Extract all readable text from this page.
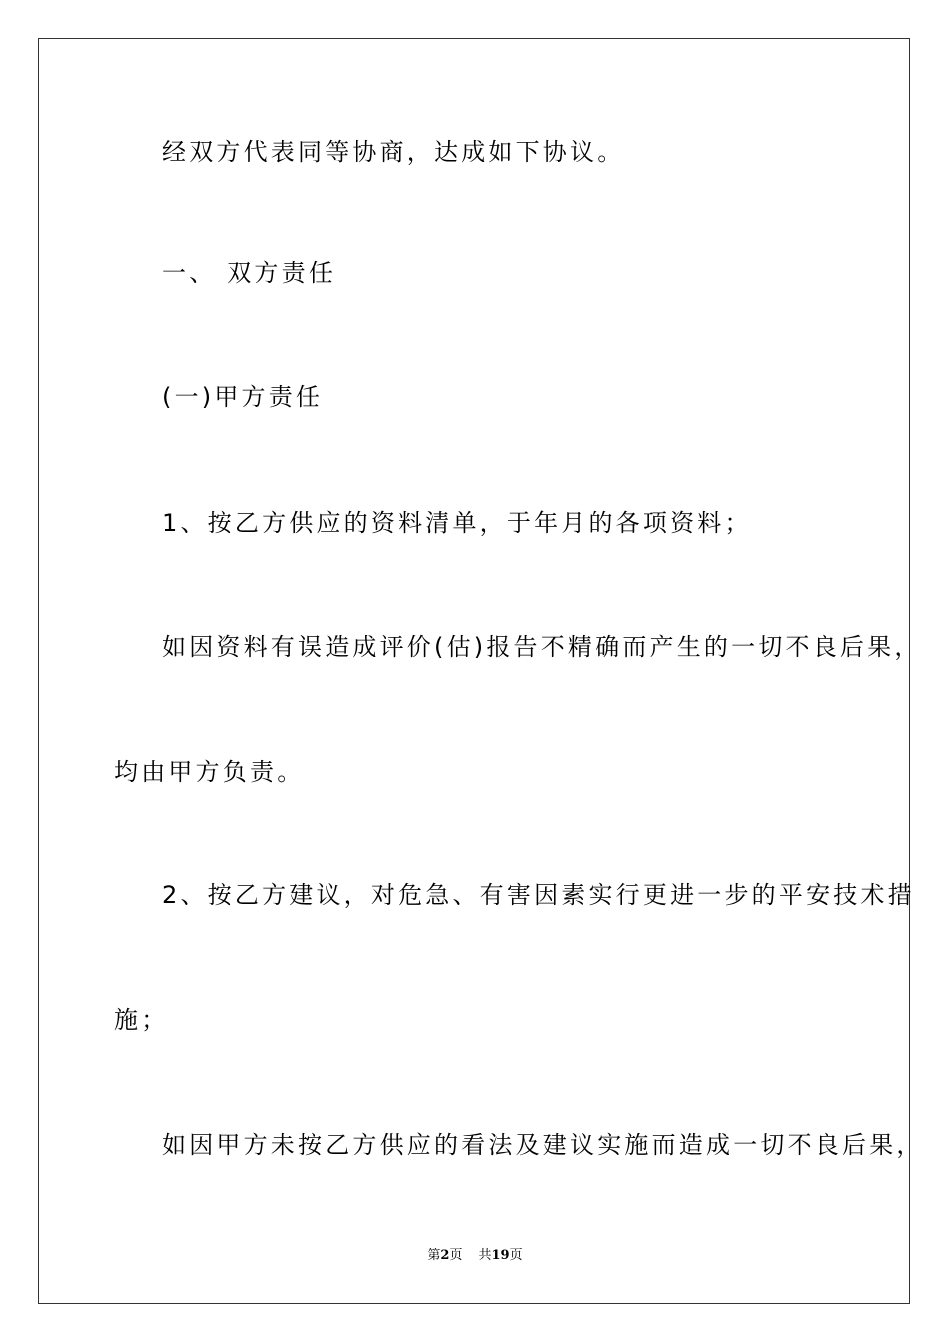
经双方代表同等协商，达成如下协议。
一、 双方责任
(一)甲方责任
1、按乙方供应的资料清单，于年月的各项资料；
如因资料有误造成评价(估)报告不精确而产生的一切不良后果，
均由甲方负责。
2、按乙方建议，对危急、有害因素实行更进一步的平安技术措
施；
如因甲方未按乙方供应的看法及建议实施而造成一切不良后果，
第2页 共19页
